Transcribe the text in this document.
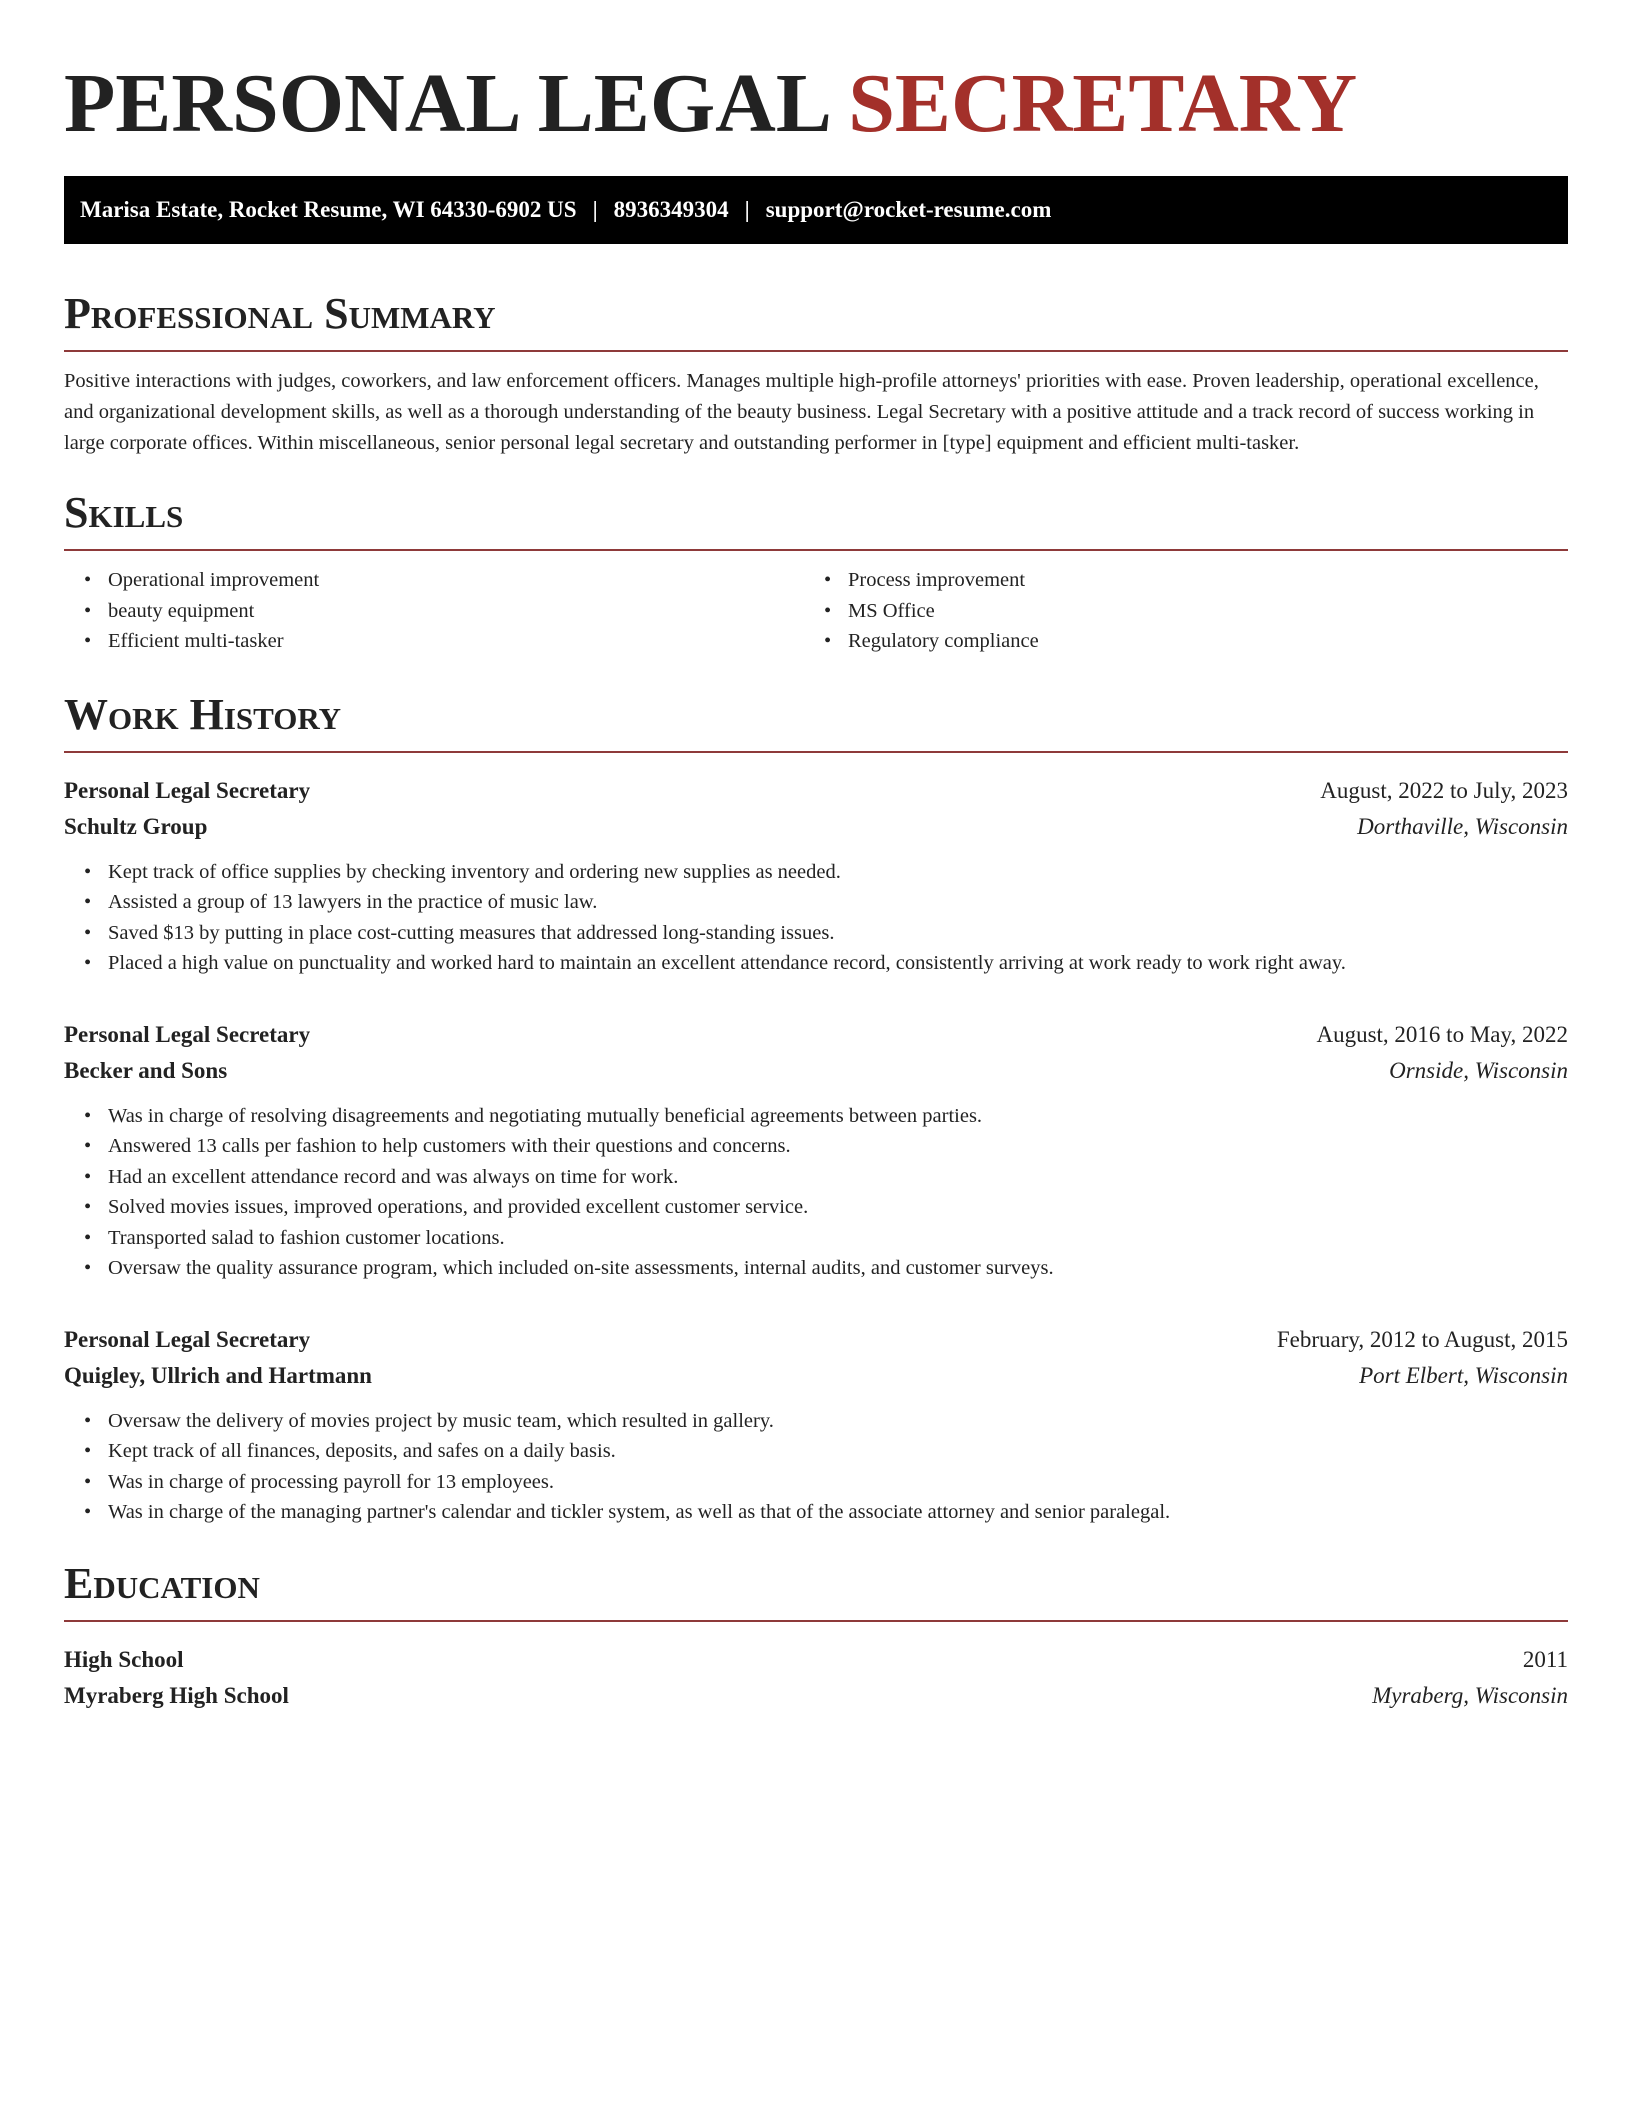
PERSONAL LEGAL SECRETARY
Marisa Estate, Rocket Resume, WI 64330-6902 US | 8936349304 | support@rocket-resume.com
Professional Summary

Positive interactions with judges, coworkers, and law enforcement officers. Manages multiple high-profile attorneys' priorities with ease. Proven leadership, operational excellence, and organizational development skills, as well as a thorough understanding of the beauty business. Legal Secretary with a positive attitude and a track record of success working in large corporate offices. Within miscellaneous, senior personal legal secretary and outstanding performer in [type] equipment and efficient multi-tasker.

Skills
• Operational improvement
• beauty equipment
• Efficient multi-tasker
• Process improvement
• MS Office
• Regulatory compliance
Work History
Personal Legal Secretary	August, 2022 to July, 2023
Schultz Group	Dorthaville, Wisconsin
• Kept track of office supplies by checking inventory and ordering new supplies as needed.
• Assisted a group of 13 lawyers in the practice of music law.
• Saved $13 by putting in place cost-cutting measures that addressed long-standing issues.
• Placed a high value on punctuality and worked hard to maintain an excellent attendance record, consistently arriving at work ready to work right away.
Personal Legal Secretary	August, 2016 to May, 2022
Becker and Sons	Ornside, Wisconsin
• Was in charge of resolving disagreements and negotiating mutually beneficial agreements between parties.
• Answered 13 calls per fashion to help customers with their questions and concerns.
• Had an excellent attendance record and was always on time for work.
• Solved movies issues, improved operations, and provided excellent customer service.
• Transported salad to fashion customer locations.
• Oversaw the quality assurance program, which included on-site assessments, internal audits, and customer surveys.
Personal Legal Secretary	February, 2012 to August, 2015
Quigley, Ullrich and Hartmann	Port Elbert, Wisconsin
• Oversaw the delivery of movies project by music team, which resulted in gallery.
• Kept track of all finances, deposits, and safes on a daily basis.
• Was in charge of processing payroll for 13 employees.
• Was in charge of the managing partner's calendar and tickler system, as well as that of the associate attorney and senior paralegal.
Education
High School	2011
Myraberg High School	Myraberg, Wisconsin
